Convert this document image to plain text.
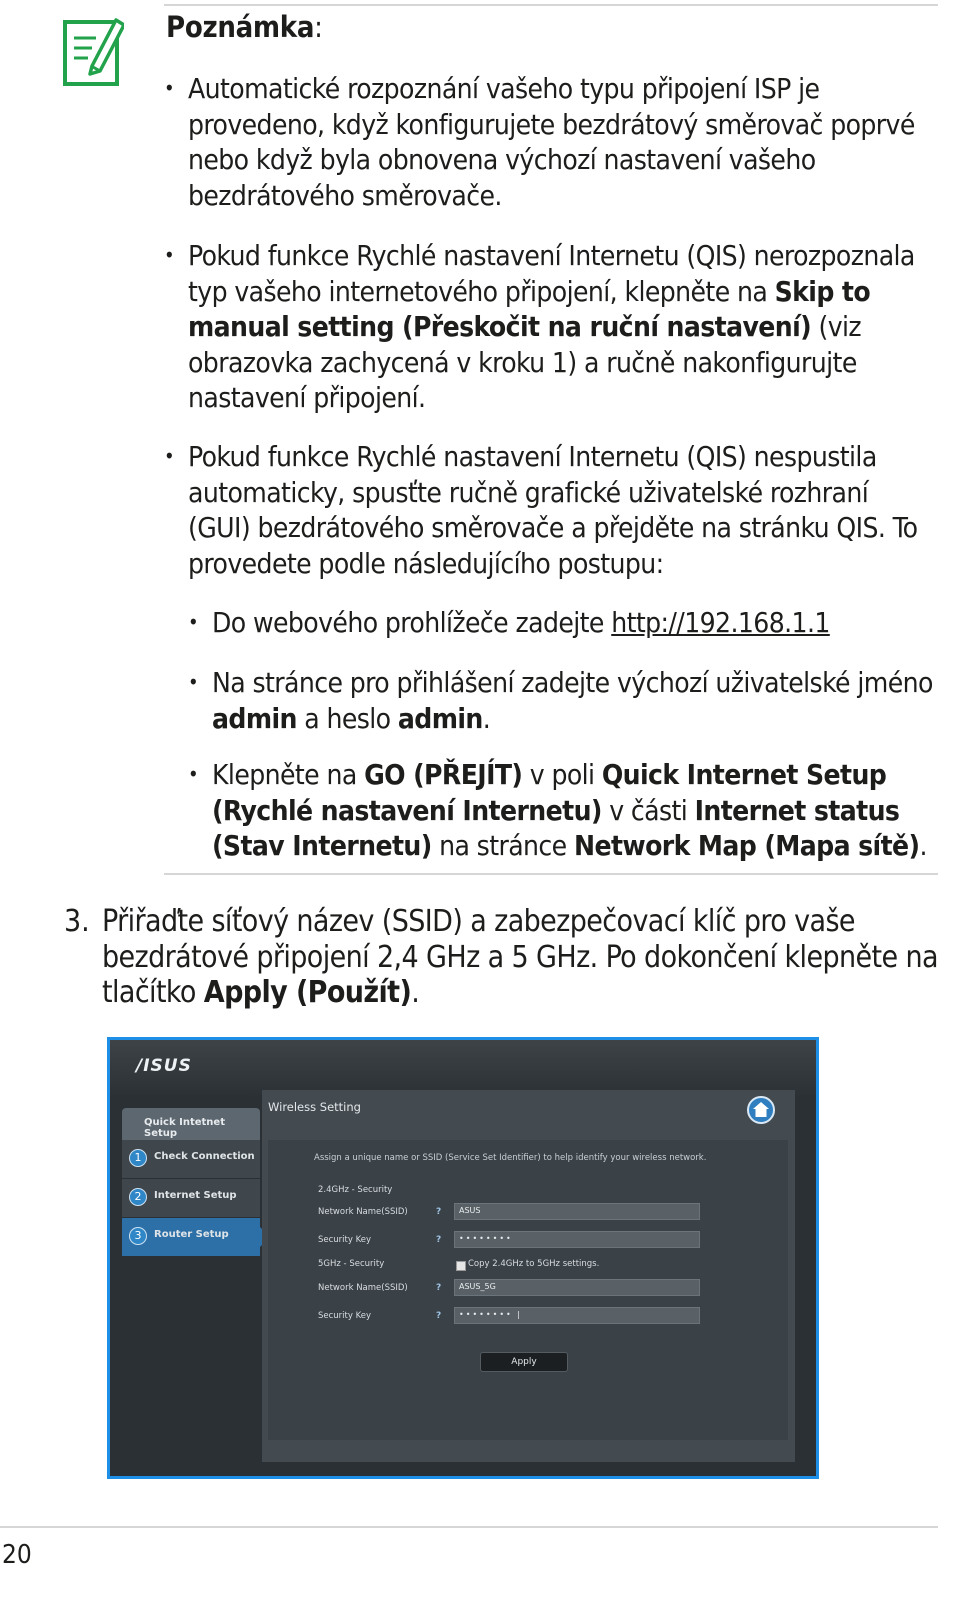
Poznámka:
• Automatické rozpoznání vašeho typu připojení ISP je provedeno, když konfigurujete bezdrátový směrovač poprvé nebo když byla obnovena výchozí nastavení vašeho bezdrátového směrovače.
• Pokud funkce Rychlé nastavení Internetu (QIS) nerozpoznala typ vašeho internetového připojení, klepněte na Skip to manual setting (Přeskočit na ruční nastavení) (viz obrazovka zachycená v kroku 1) a ručně nakonfigurujte nastavení připojení.
• Pokud funkce Rychlé nastavení Internetu (QIS) nespustila automaticky, spusťte ručně grafické uživatelské rozhraní (GUI) bezdrátového směrovače a přejděte na stránku QIS. To provedete podle následujícího postupu:
• Do webového prohlížeče zadejte http://192.168.1.1
• Na stránce pro přihlášení zadejte výchozí uživatelské jméno admin a heslo admin.
• Klepněte na GO (PŘEJÍT) v poli Quick Internet Setup (Rychlé nastavení Internetu) v části Internet status (Stav Internetu) na stránce Network Map (Mapa sítě).
3. Přiřaďte síťový název (SSID) a zabezpečovací klíč pro vaše bezdrátové připojení 2,4 GHz a 5 GHz. Po dokončení klepněte na tlačítko Apply (Použít).
/ISUS
Quick Intetnet Setup
1	Check Connection
2	Internet Setup
3	Router Setup
Wireless Setting
Assign a unique name or SSID (Service Set Identifier) to help identify your wireless network.
2.4GHz - Security
Network Name(SSID)	?	ASUS
Security Key	?	••••••••
5GHz - Security	Copy 2.4GHz to 5GHz settings.
Network Name(SSID)	?	ASUS_5G
Security Key	?	•••••••• |
Apply
20
